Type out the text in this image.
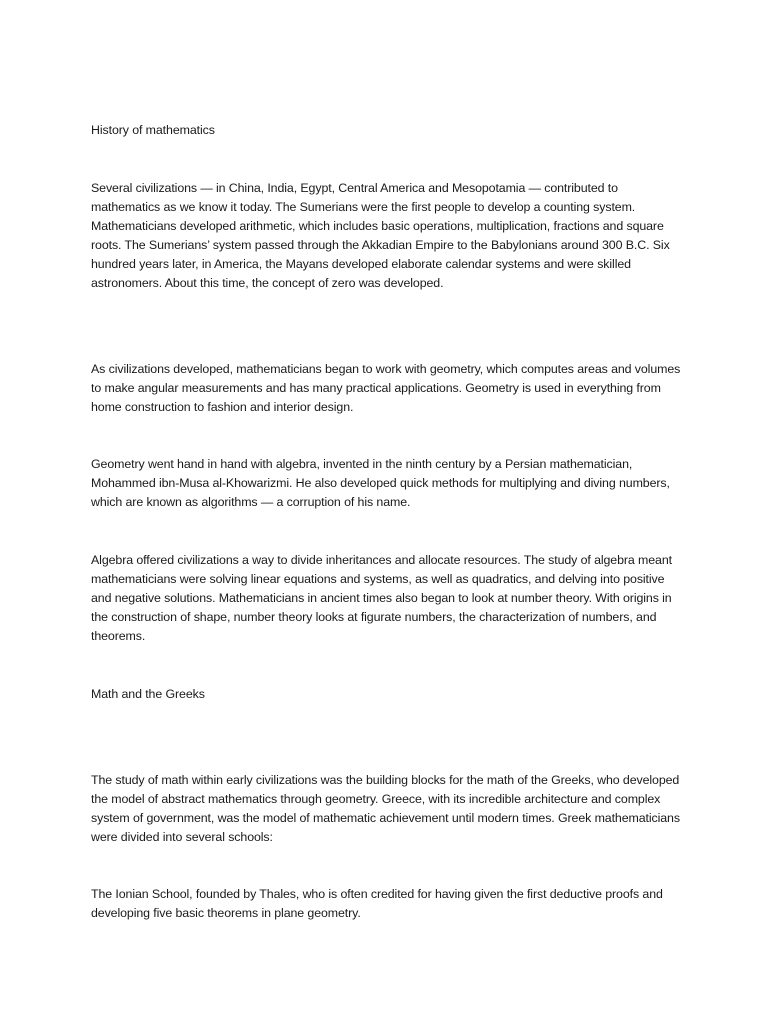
History of mathematics

Several civilizations — in China, India, Egypt, Central America and Mesopotamia — contributed to mathematics as we know it today. The Sumerians were the first people to develop a counting system. Mathematicians developed arithmetic, which includes basic operations, multiplication, fractions and square roots. The Sumerians’ system passed through the Akkadian Empire to the Babylonians around 300 B.C. Six hundred years later, in America, the Mayans developed elaborate calendar systems and were skilled astronomers. About this time, the concept of zero was developed.

As civilizations developed, mathematicians began to work with geometry, which computes areas and volumes to make angular measurements and has many practical applications. Geometry is used in everything from home construction to fashion and interior design.

Geometry went hand in hand with algebra, invented in the ninth century by a Persian mathematician, Mohammed ibn-Musa al-Khowarizmi. He also developed quick methods for multiplying and diving numbers, which are known as algorithms — a corruption of his name.

Algebra offered civilizations a way to divide inheritances and allocate resources. The study of algebra meant mathematicians were solving linear equations and systems, as well as quadratics, and delving into positive and negative solutions. Mathematicians in ancient times also began to look at number theory. With origins in the construction of shape, number theory looks at figurate numbers, the characterization of numbers, and theorems.

Math and the Greeks

The study of math within early civilizations was the building blocks for the math of the Greeks, who developed the model of abstract mathematics through geometry. Greece, with its incredible architecture and complex system of government, was the model of mathematic achievement until modern times. Greek mathematicians were divided into several schools:

The Ionian School, founded by Thales, who is often credited for having given the first deductive proofs and developing five basic theorems in plane geometry.
